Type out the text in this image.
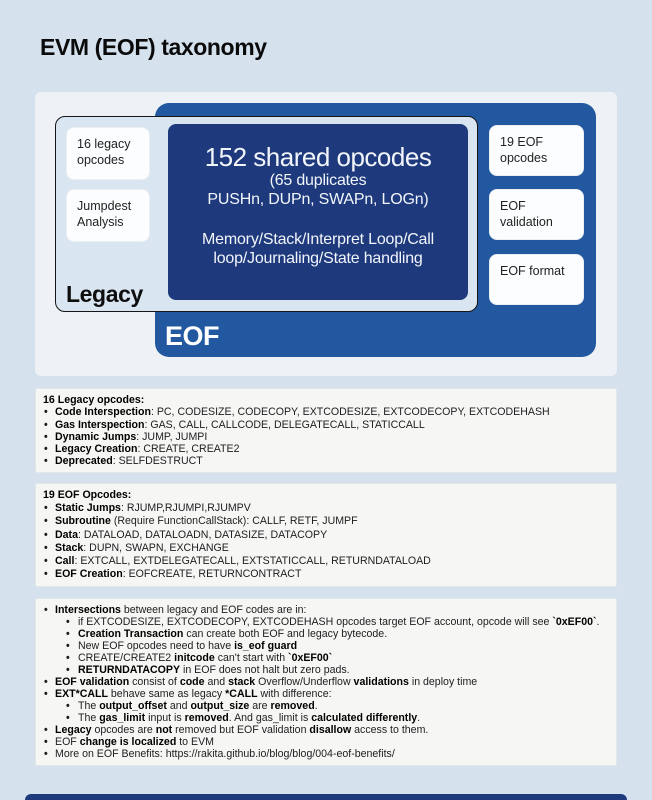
EVM (EOF) taxonomy
EOF
Legacy
152 shared opcodes
(65 duplicates
PUSHn, DUPn, SWAPn, LOGn)
Memory/Stack/Interpret Loop/Call
loop/Journaling/State handling
16 legacy opcodes
Jumpdest Analysis
19 EOF opcodes
EOF validation
EOF format
16 Legacy opcodes:
• Code Interspection: PC, CODESIZE, CODECOPY, EXTCODESIZE, EXTCODECOPY, EXTCODEHASH
• Gas Interspection: GAS, CALL, CALLCODE, DELEGATECALL, STATICCALL
• Dynamic Jumps: JUMP, JUMPI
• Legacy Creation: CREATE, CREATE2
• Deprecated: SELFDESTRUCT
19 EOF Opcodes:
• Static Jumps: RJUMP,RJUMPI,RJUMPV
• Subroutine (Require FunctionCallStack): CALLF, RETF, JUMPF
• Data: DATALOAD, DATALOADN, DATASIZE, DATACOPY
• Stack: DUPN, SWAPN, EXCHANGE
• Call: EXTCALL, EXTDELEGATECALL, EXTSTATICCALL, RETURNDATALOAD
• EOF Creation: EOFCREATE, RETURNCONTRACT
• Intersections between legacy and EOF codes are in:
• if EXTCODESIZE, EXTCODECOPY, EXTCODEHASH opcodes target EOF account, opcode will see `0xEF00`.
• Creation Transaction can create both EOF and legacy bytecode.
• New EOF opcodes need to have is_eof guard
• CREATE/CREATE2 initcode can't start with `0xEF00`
• RETURNDATACOPY in EOF does not halt but zero pads.
• EOF validation consist of code and stack Overflow/Underflow validations in deploy time
• EXT*CALL behave same as legacy *CALL with difference:
• The output_offset and output_size are removed.
• The gas_limit input is removed. And gas_limit is calculated differently.
• Legacy opcodes are not removed but EOF validation disallow access to them.
• EOF change is localized to EVM
• More on EOF Benefits: https://rakita.github.io/blog/blog/004-eof-benefits/
